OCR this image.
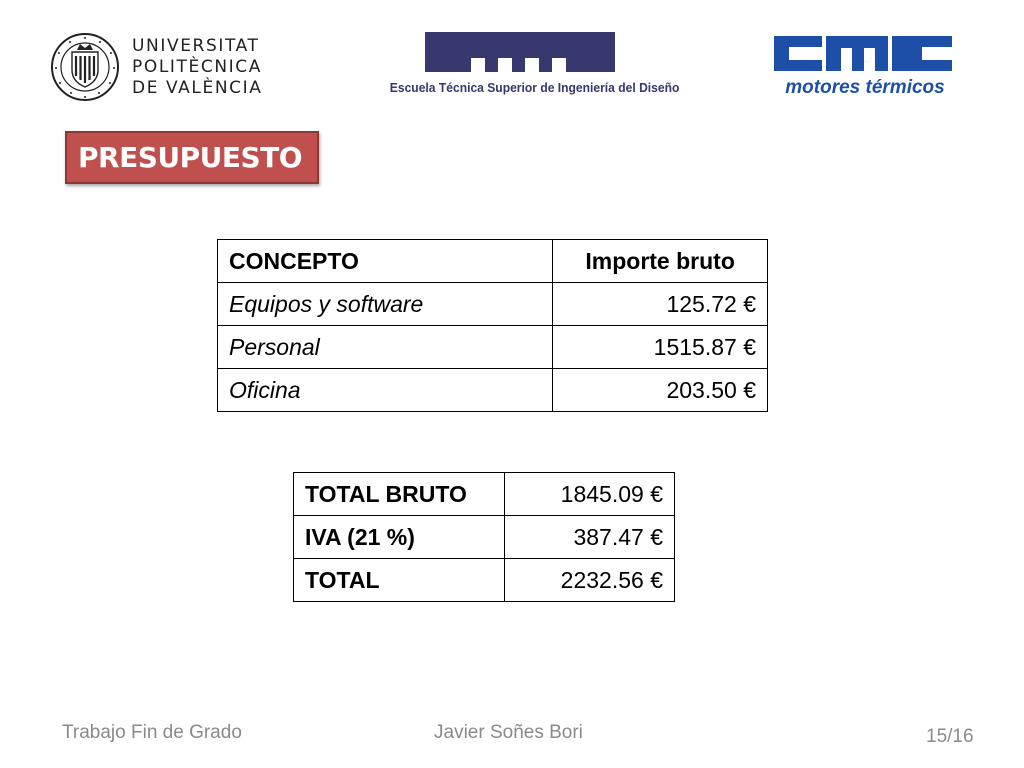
UNIVERSITAT
POLITÈCNICA
DE VALÈNCIA	Escuela Técnica Superior de Ingeniería del Diseño
cmt
motores térmicos
PRESUPUESTO
CONCEPTO	Importe bruto
Equipos y software	125.72 €
Personal	1515.87 €
Oficina	203.50 €
TOTAL BRUTO	1845.09 €
IVA (21 %)	387.47 €
TOTAL	2232.56 €
Trabajo Fin de Grado	Javier Soñes Bori	15/16
